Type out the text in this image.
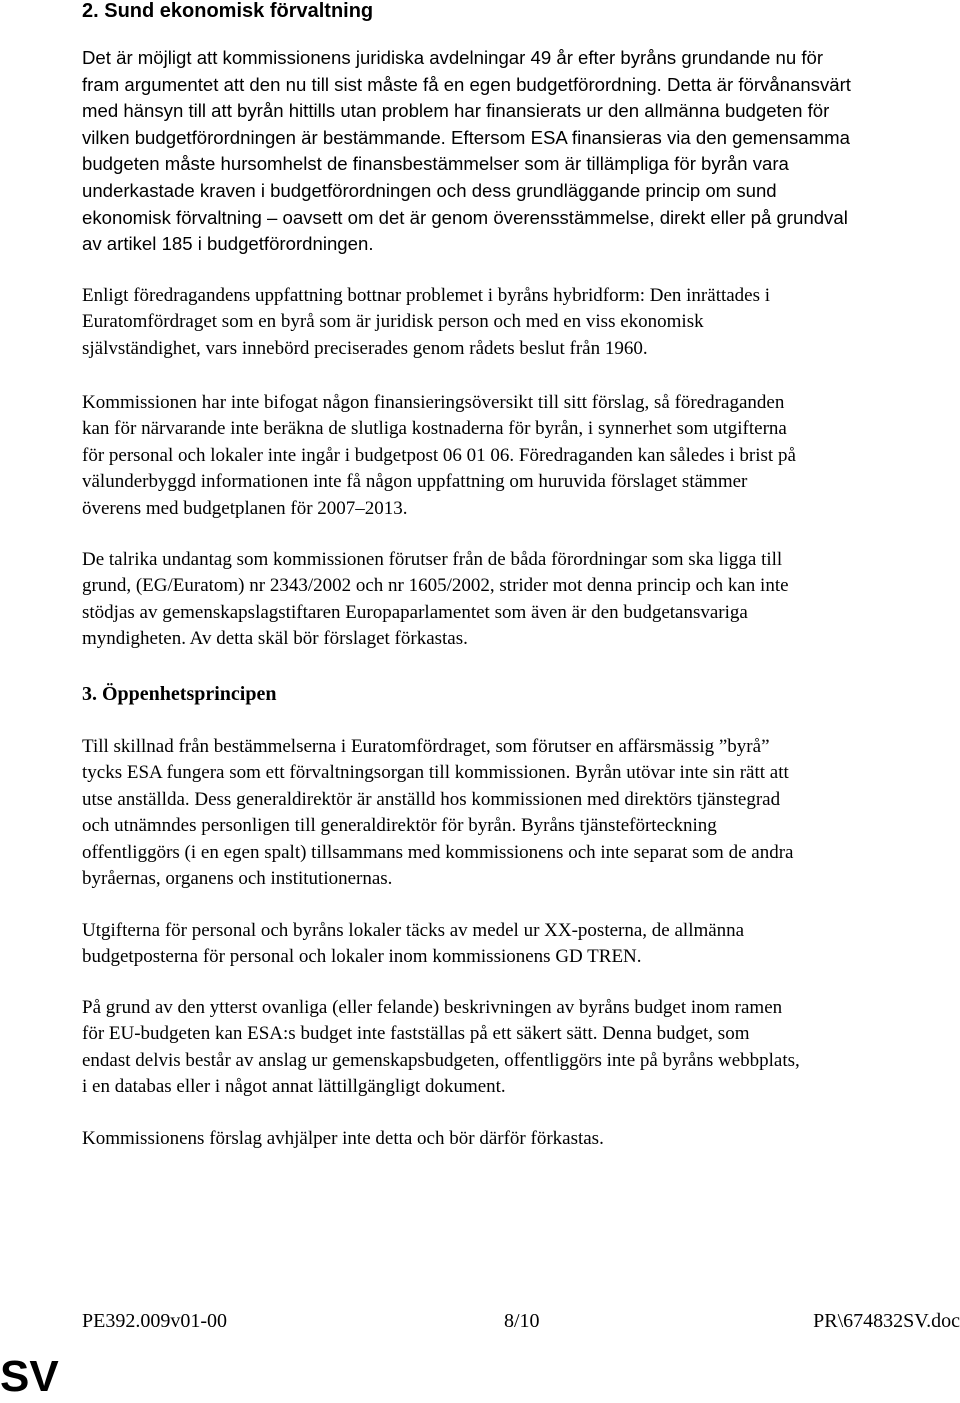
2. Sund ekonomisk förvaltning

Det är möjligt att kommissionens juridiska avdelningar 49 år efter byråns grundande nu för
fram argumentet att den nu till sist måste få en egen budgetförordning. Detta är förvånansvärt
med hänsyn till att byrån hittills utan problem har finansierats ur den allmänna budgeten för
vilken budgetförordningen är bestämmande. Eftersom ESA finansieras via den gemensamma
budgeten måste hursomhelst de finansbestämmelser som är tillämpliga för byrån vara
underkastade kraven i budgetförordningen och dess grundläggande princip om sund
ekonomisk förvaltning – oavsett om det är genom överensstämmelse, direkt eller på grundval
av artikel 185 i budgetförordningen.

Enligt föredragandens uppfattning bottnar problemet i byråns hybridform: Den inrättades i
Euratomfördraget som en byrå som är juridisk person och med en viss ekonomisk
självständighet, vars innebörd preciserades genom rådets beslut från 1960.

Kommissionen har inte bifogat någon finansieringsöversikt till sitt förslag, så föredraganden
kan för närvarande inte beräkna de slutliga kostnaderna för byrån, i synnerhet som utgifterna
för personal och lokaler inte ingår i budgetpost 06 01 06. Föredraganden kan således i brist på
välunderbyggd informationen inte få någon uppfattning om huruvida förslaget stämmer
överens med budgetplanen för 2007–2013.

De talrika undantag som kommissionen förutser från de båda förordningar som ska ligga till
grund, (EG/Euratom) nr 2343/2002 och nr 1605/2002, strider mot denna princip och kan inte
stödjas av gemenskapslagstiftaren Europaparlamentet som även är den budgetansvariga
myndigheten. Av detta skäl bör förslaget förkastas.

3. Öppenhetsprincipen

Till skillnad från bestämmelserna i Euratomfördraget, som förutser en affärsmässig ”byrå”
tycks ESA fungera som ett förvaltningsorgan till kommissionen. Byrån utövar inte sin rätt att
utse anställda. Dess generaldirektör är anställd hos kommissionen med direktörs tjänstegrad
och utnämndes personligen till generaldirektör för byrån. Byråns tjänsteförteckning
offentliggörs (i en egen spalt) tillsammans med kommissionens och inte separat som de andra
byråernas, organens och institutionernas.

Utgifterna för personal och byråns lokaler täcks av medel ur XX-posterna, de allmänna
budgetposterna för personal och lokaler inom kommissionens GD TREN.

På grund av den ytterst ovanliga (eller felande) beskrivningen av byråns budget inom ramen
för EU-budgeten kan ESA:s budget inte fastställas på ett säkert sätt. Denna budget, som
endast delvis består av anslag ur gemenskapsbudgeten, offentliggörs inte på byråns webbplats,
i en databas eller i något annat lättillgängligt dokument.

Kommissionens förslag avhjälper inte detta och bör därför förkastas.

PE392.009v01-00	8/10	PR\674832SV.doc
SV
